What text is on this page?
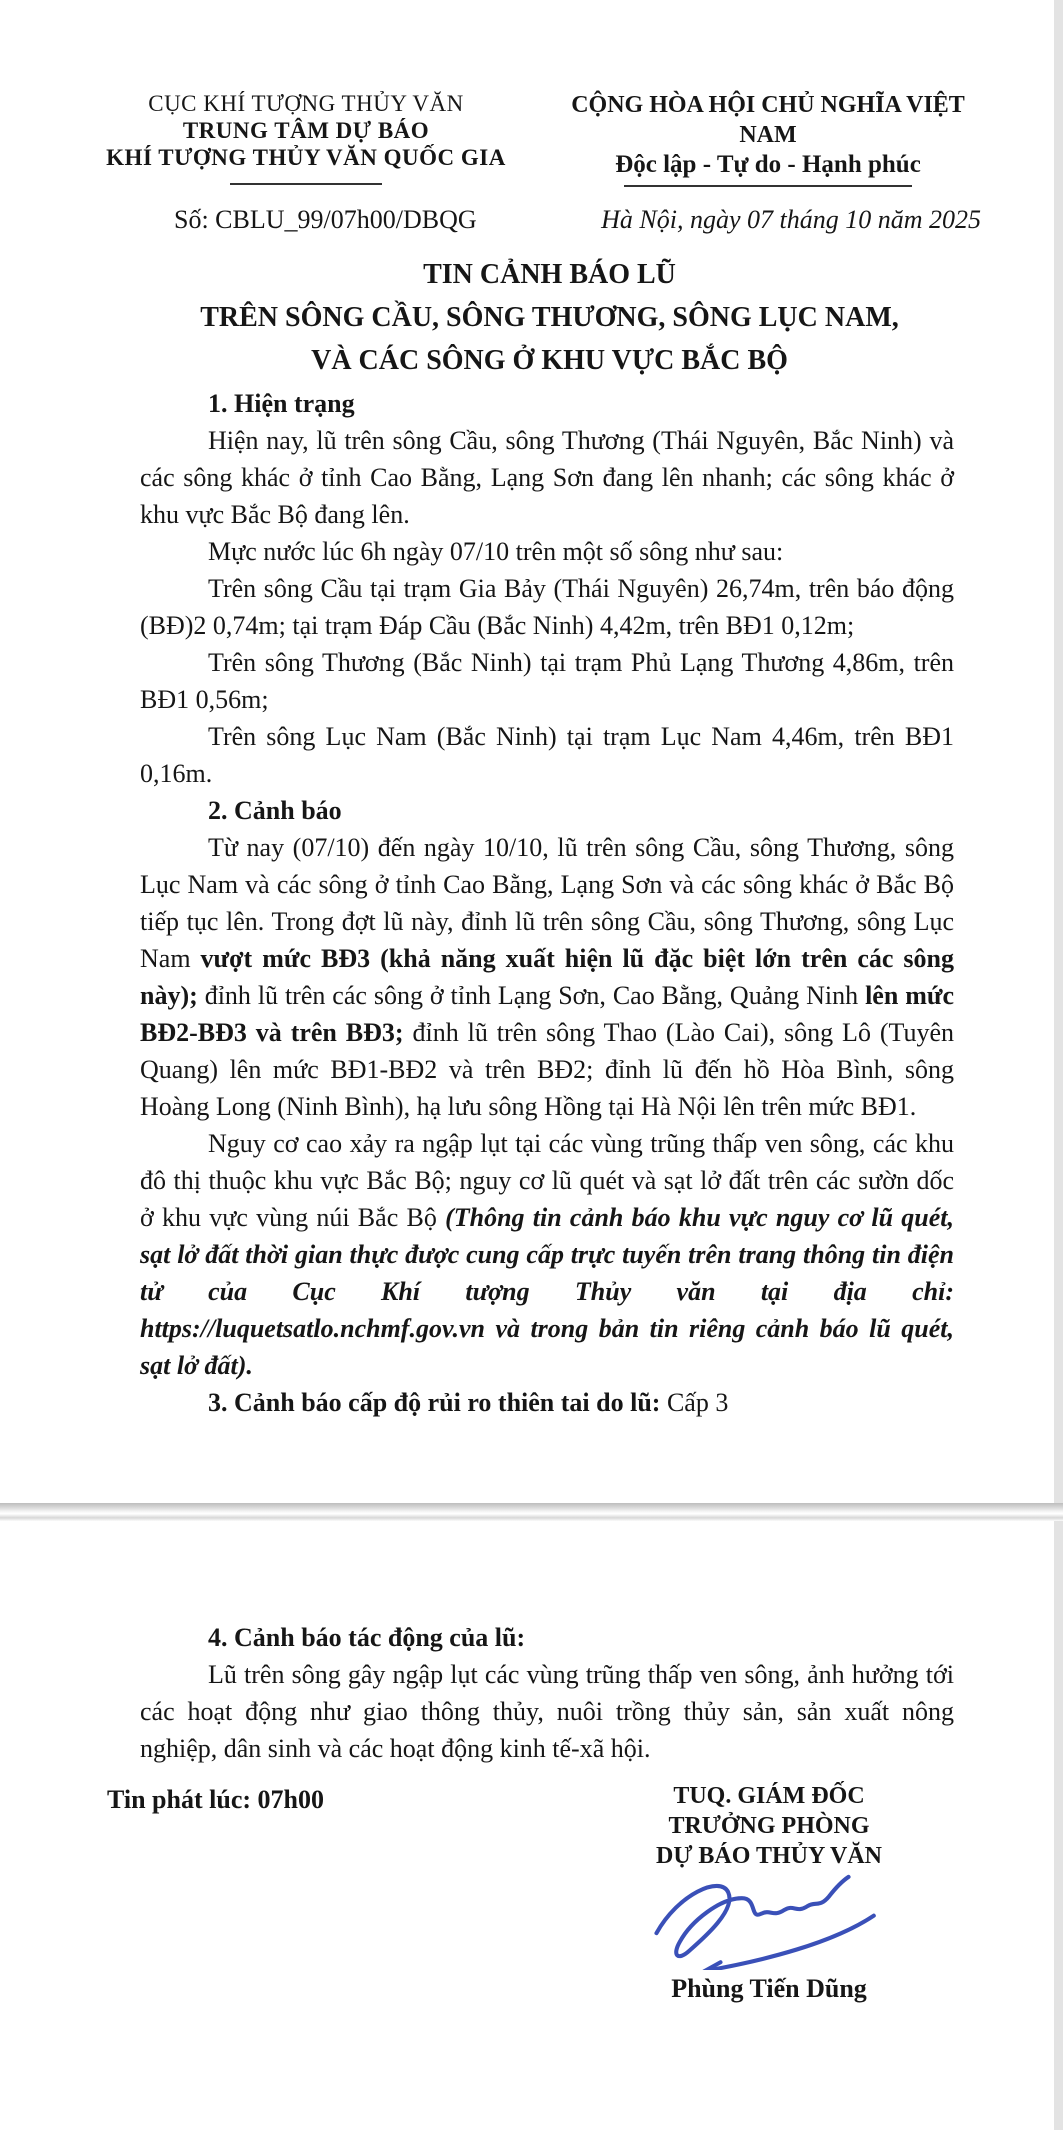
CỤC KHÍ TƯỢNG THỦY VĂN
TRUNG TÂM DỰ BÁO
KHÍ TƯỢNG THỦY VĂN QUỐC GIA
CỘNG HÒA HỘI CHỦ NGHĨA VIỆT NAM
Độc lập - Tự do - Hạnh phúc
Số: CBLU_99/07h00/DBQG	Hà Nội, ngày 07 tháng 10 năm 2025
TIN CẢNH BÁO LŨ
TRÊN SÔNG CẦU, SÔNG THƯƠNG, SÔNG LỤC NAM,
VÀ CÁC SÔNG Ở KHU VỰC BẮC BỘ

1. Hiện trạng

Hiện nay, lũ trên sông Cầu, sông Thương (Thái Nguyên, Bắc Ninh) và các sông khác ở tỉnh Cao Bằng, Lạng Sơn đang lên nhanh; các sông khác ở khu vực Bắc Bộ đang lên.

Mực nước lúc 6h ngày 07/10 trên một số sông như sau:

Trên sông Cầu tại trạm Gia Bảy (Thái Nguyên) 26,74m, trên báo động (BĐ)2 0,74m; tại trạm Đáp Cầu (Bắc Ninh) 4,42m, trên BĐ1 0,12m;

Trên sông Thương (Bắc Ninh) tại trạm Phủ Lạng Thương 4,86m, trên BĐ1 0,56m;

Trên sông Lục Nam (Bắc Ninh) tại trạm Lục Nam 4,46m, trên BĐ1 0,16m.

2. Cảnh báo

Từ nay (07/10) đến ngày 10/10, lũ trên sông Cầu, sông Thương, sông Lục Nam và các sông ở tỉnh Cao Bằng, Lạng Sơn và các sông khác ở Bắc Bộ tiếp tục lên. Trong đợt lũ này, đỉnh lũ trên sông Cầu, sông Thương, sông Lục Nam vượt mức BĐ3 (khả năng xuất hiện lũ đặc biệt lớn trên các sông này); đỉnh lũ trên các sông ở tỉnh Lạng Sơn, Cao Bằng, Quảng Ninh lên mức BĐ2-BĐ3 và trên BĐ3; đỉnh lũ trên sông Thao (Lào Cai), sông Lô (Tuyên Quang) lên mức BĐ1-BĐ2 và trên BĐ2; đỉnh lũ đến hồ Hòa Bình, sông Hoàng Long (Ninh Bình), hạ lưu sông Hồng tại Hà Nội lên trên mức BĐ1.

Nguy cơ cao xảy ra ngập lụt tại các vùng trũng thấp ven sông, các khu đô thị thuộc khu vực Bắc Bộ; nguy cơ lũ quét và sạt lở đất trên các sườn dốc ở khu vực vùng núi Bắc Bộ (Thông tin cảnh báo khu vực nguy cơ lũ quét, sạt lở đất thời gian thực được cung cấp trực tuyến trên trang thông tin điện tử của Cục Khí tượng Thủy văn tại địa chỉ: https://luquetsatlo.nchmf.gov.vn và trong bản tin riêng cảnh báo lũ quét, sạt lở đất).

3. Cảnh báo cấp độ rủi ro thiên tai do lũ: Cấp 3

4. Cảnh báo tác động của lũ:

Lũ trên sông gây ngập lụt các vùng trũng thấp ven sông, ảnh hưởng tới các hoạt động như giao thông thủy, nuôi trồng thủy sản, sản xuất nông nghiệp, dân sinh và các hoạt động kinh tế-xã hội.

Tin phát lúc: 07h00	TUQ. GIÁM ĐỐC
TRƯỞNG PHÒNG
DỰ BÁO THỦY VĂN
Phùng Tiến Dũng
